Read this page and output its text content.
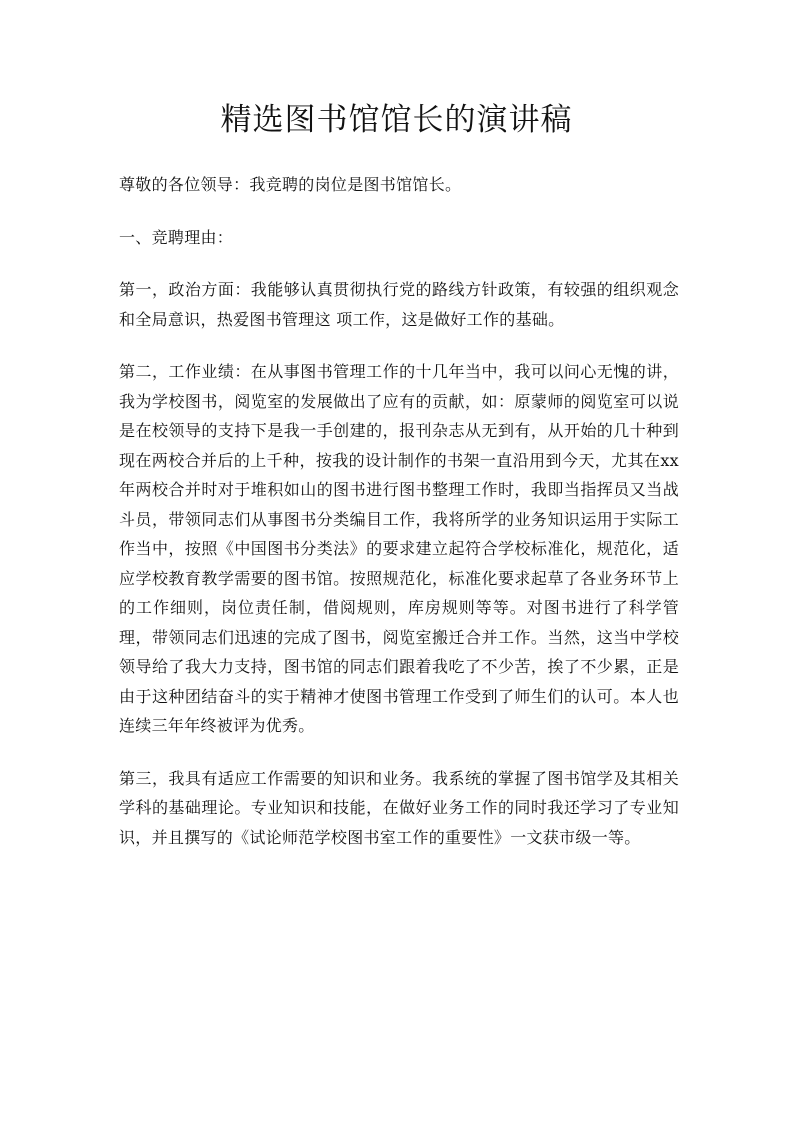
精选图书馆馆长的演讲稿

尊敬的各位领导：我竞聘的岗位是图书馆馆长。

一、竞聘理由：

第一，政治方面：我能够认真贯彻执行党的路线方针政策，有较强的组织观念和全局意识，热爱图书管理这 项工作，这是做好工作的基础。

第二，工作业绩：在从事图书管理工作的十几年当中，我可以问心无愧的讲，我为学校图书，阅览室的发展做出了应有的贡献，如：原蒙师的阅览室可以说是在校领导的支持下是我一手创建的，报刊杂志从无到有，从开始的几十种到现在两校合并后的上千种，按我的设计制作的书架一直沿用到今天，尤其在xx年两校合并时对于堆积如山的图书进行图书整理工作时，我即当指挥员又当战斗员，带领同志们从事图书分类编目工作，我将所学的业务知识运用于实际工作当中，按照《中国图书分类法》的要求建立起符合学校标准化，规范化，适应学校教育教学需要的图书馆。按照规范化，标准化要求起草了各业务环节上的工作细则，岗位责任制，借阅规则，库房规则等等。对图书进行了科学管理，带领同志们迅速的完成了图书，阅览室搬迁合并工作。当然，这当中学校领导给了我大力支持，图书馆的同志们跟着我吃了不少苦，挨了不少累，正是由于这种团结奋斗的实于精神才使图书管理工作受到了师生们的认可。本人也连续三年年终被评为优秀。

第三，我具有适应工作需要的知识和业务。我系统的掌握了图书馆学及其相关学科的基础理论。专业知识和技能，在做好业务工作的同时我还学习了专业知识，并且撰写的《试论师范学校图书室工作的重要性》一文获市级一等。
